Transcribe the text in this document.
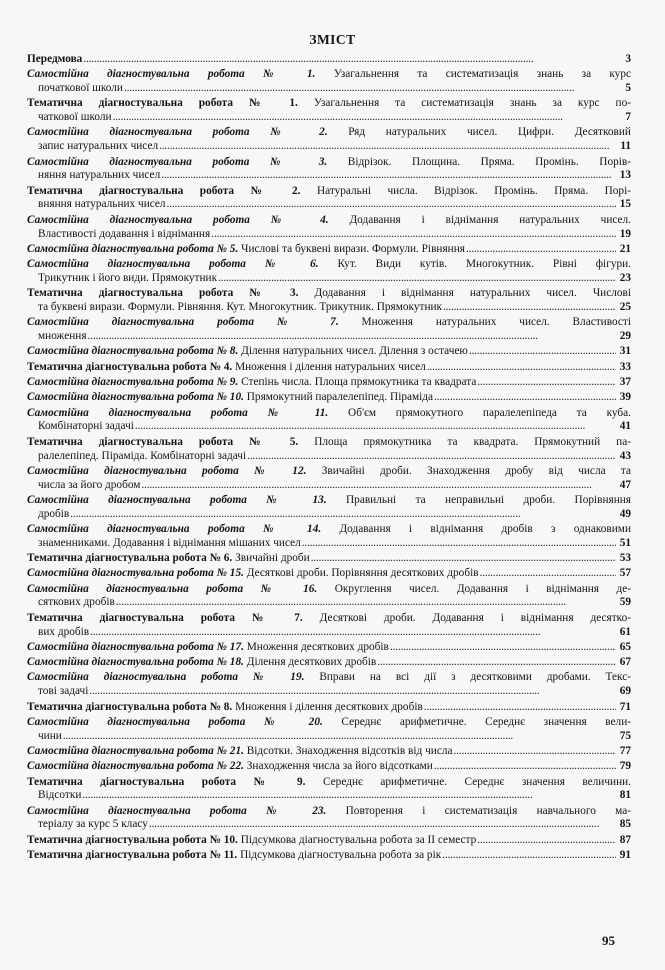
ЗМІСТ
Передмова . . .	3
Самостійна діагностувальна робота № 1. Узагальнення та систематизація знань за курс
початкової школи . . .	5
Тематична діагностувальна робота № 1. Узагальнення та систематизація знань за курс по-
чаткової школи . . .	7
Самостійна діагностувальна робота № 2. Ряд натуральних чисел. Цифри. Десятковий
запис натуральних чисел . . .	11
Самостійна діагностувальна робота № 3. Відрізок. Площина. Пряма. Промінь. Порів-
няння натуральних чисел . . .	13
Тематична діагностувальна робота № 2. Натуральні числа. Відрізок. Промінь. Пряма. Порі-
вняння натуральних чисел . . .	15
Самостійна діагностувальна робота № 4. Додавання і віднімання натуральних чисел.
Властивості додавання і віднімання . . .	19
Самостійна діагностувальна робота № 5. Числові та буквені вирази. Формули. Рівняння . . .	21
Самостійна діагностувальна робота № 6. Кут. Види кутів. Многокутник. Рівні фігури.
Трикутник і його види. Прямокутник . . .	23
Тематична діагностувальна робота № 3. Додавання і віднімання натуральних чисел. Числові
та буквені вирази. Формули. Рівняння. Кут. Многокутник. Трикутник. Прямокутник . . .	25
Самостійна діагностувальна робота № 7. Множення натуральних чисел. Властивості
множення . . .	29
Самостійна діагностувальна робота № 8. Ділення натуральних чисел. Ділення з остачею . . .	31
Тематична діагностувальна робота № 4. Множення і ділення натуральних чисел . . .	33
Самостійна діагностувальна робота № 9. Степінь числа. Площа прямокутника та квадрата . . .	37
Самостійна діагностувальна робота № 10. Прямокутний паралелепіпед. Піраміда . . .	39
Самостійна діагностувальна робота № 11. Об'єм прямокутного паралелепіпеда та куба.
Комбінаторні задачі . . .	41
Тематична діагностувальна робота № 5. Площа прямокутника та квадрата. Прямокутний па-
ралелепіпед. Піраміда. Комбінаторні задачі . . .	43
Самостійна діагностувальна робота № 12. Звичайні дроби. Знаходження дробу від числа та
числа за його дробом . . .	47
Самостійна діагностувальна робота № 13. Правильні та неправильні дроби. Порівняння
дробів . . .	49
Самостійна діагностувальна робота № 14. Додавання і віднімання дробів з однаковими
знаменниками. Додавання і віднімання мішаних чисел . . .	51
Тематична діагностувальна робота № 6. Звичайні дроби . . .	53
Самостійна діагностувальна робота № 15. Десяткові дроби. Порівняння десяткових дробів . . .	57
Самостійна діагностувальна робота № 16. Округлення чисел. Додавання і віднімання де-
сяткових дробів . . .	59
Тематична діагностувальна робота № 7. Десяткові дроби. Додавання і віднімання десятко-
вих дробів . . .	61
Самостійна діагностувальна робота № 17. Множення десяткових дробів . . .	65
Самостійна діагностувальна робота № 18. Ділення десяткових дробів . . .	67
Самостійна діагностувальна робота № 19. Вправи на всі дії з десятковими дробами. Текс-
тові задачі . . .	69
Тематична діагностувальна робота № 8. Множення і ділення десяткових дробів . . .	71
Самостійна діагностувальна робота № 20. Середнє арифметичне. Середнє значення вели-
чини . . .	75
Самостійна діагностувальна робота № 21. Відсотки. Знаходження відсотків від числа . . .	77
Самостійна діагностувальна робота № 22. Знаходження числа за його відсотками . . .	79
Тематична діагностувальна робота № 9. Середнє арифметичне. Середнє значення величини.
Відсотки . . .	81
Самостійна діагностувальна робота № 23. Повторення і систематизація навчального ма-
теріалу за курс 5 класу . . .	85
Тематична діагностувальна робота № 10. Підсумкова діагностувальна робота за II семестр . . .	87
Тематична діагностувальна робота № 11. Підсумкова діагностувальна робота за рік . . .	91
95
